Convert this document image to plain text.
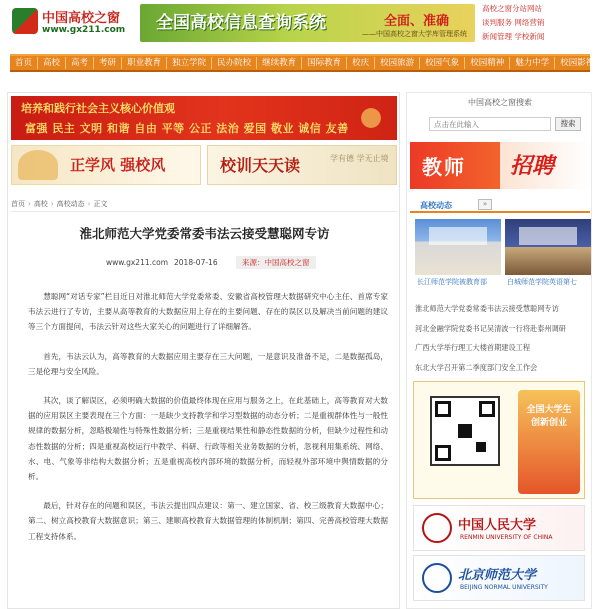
中国高校之窗
www.gx211.com 全国高校信息查询系统	全面、准确
——中国高校之窗大学库管理系统
高校之窗分站网站
谈判服务 网络营销
新闻管理 学校新闻
首页	高校	高考	考研	职业教育	独立学院	民办院校	继续教育	国际教育	校庆	校园旅游	校园气象	校园精神	魅力中学	校园影视
培养和践行社会主义核心价值观
富强 民主 文明 和谐 自由 平等 公正 法治 爱国 敬业 诚信 友善
正学风 强校风	校训天天读	学有德 学无止境
首页 › 高校 › 高校动态 › 正文
淮北师范大学党委常委韦法云接受慧聪网专访
www.gx211.com 2018-07-16	来源：中国高校之窗

慧聪网“对话专家”栏目近日对淮北师范大学党委常委、安徽省高校管理大数据研究中心主任、首席专家韦法云进行了专访，主要从高等教育的大数据应用上存在的主要问题、存在的误区以及解决当前问题的建议等三个方面提问，韦法云针对这些大家关心的问题进行了详细解答。

首先，韦法云认为，高等教育的大数据应用主要存在三大问题，一是意识及准备不足，二是数据孤岛，三是伦理与安全风险。

其次，谈了解误区，必须明确大数据的价值最终体现在应用与服务之上，在此基础上，高等教育对大数据的应用误区主要表现在三个方面：一是缺少支持教学和学习型数据的动态分析；二是重视群体性与一般性规律的数据分析，忽略极端性与特殊性数据分析；三是重视结果性和静态性数据的分析，但缺少过程性和动态性数据的分析；四是重视高校运行中教学、科研、行政等相关业务数据的分析，忽视利用集系统、网络、水、电、气象等非结构大数据分析；五是重视高校内部环境的数据分析，而轻视外部环境中舆情数据的分析。

最后，针对存在的问题和误区，韦法云提出四点建议：第一、建立国家、省、校三级教育大数据中心；第二、树立高校教育大数据意识；第三、建顺高校教育大数据管理的体制机制；第四、完善高校管理大数据工程支持体系。

中国高校之窗搜索
点击在此输入
搜索
教师 招聘
高校动态	»
长江师范学院被教育部	白城师范学院英语第七
淮北师范大学党委常委韦法云接受慧聪网专访
河北金融学院党委书记吴清波一行将赴泰州调研
广西大学举行理工大楼首期建设工程
东北大学召开第二季度部门安全工作会
全国大学生 创新创业
中国人民大学
RENMIN UNIVERSITY OF CHINA
北京师范大学
BEIJING NORMAL UNIVERSITY
